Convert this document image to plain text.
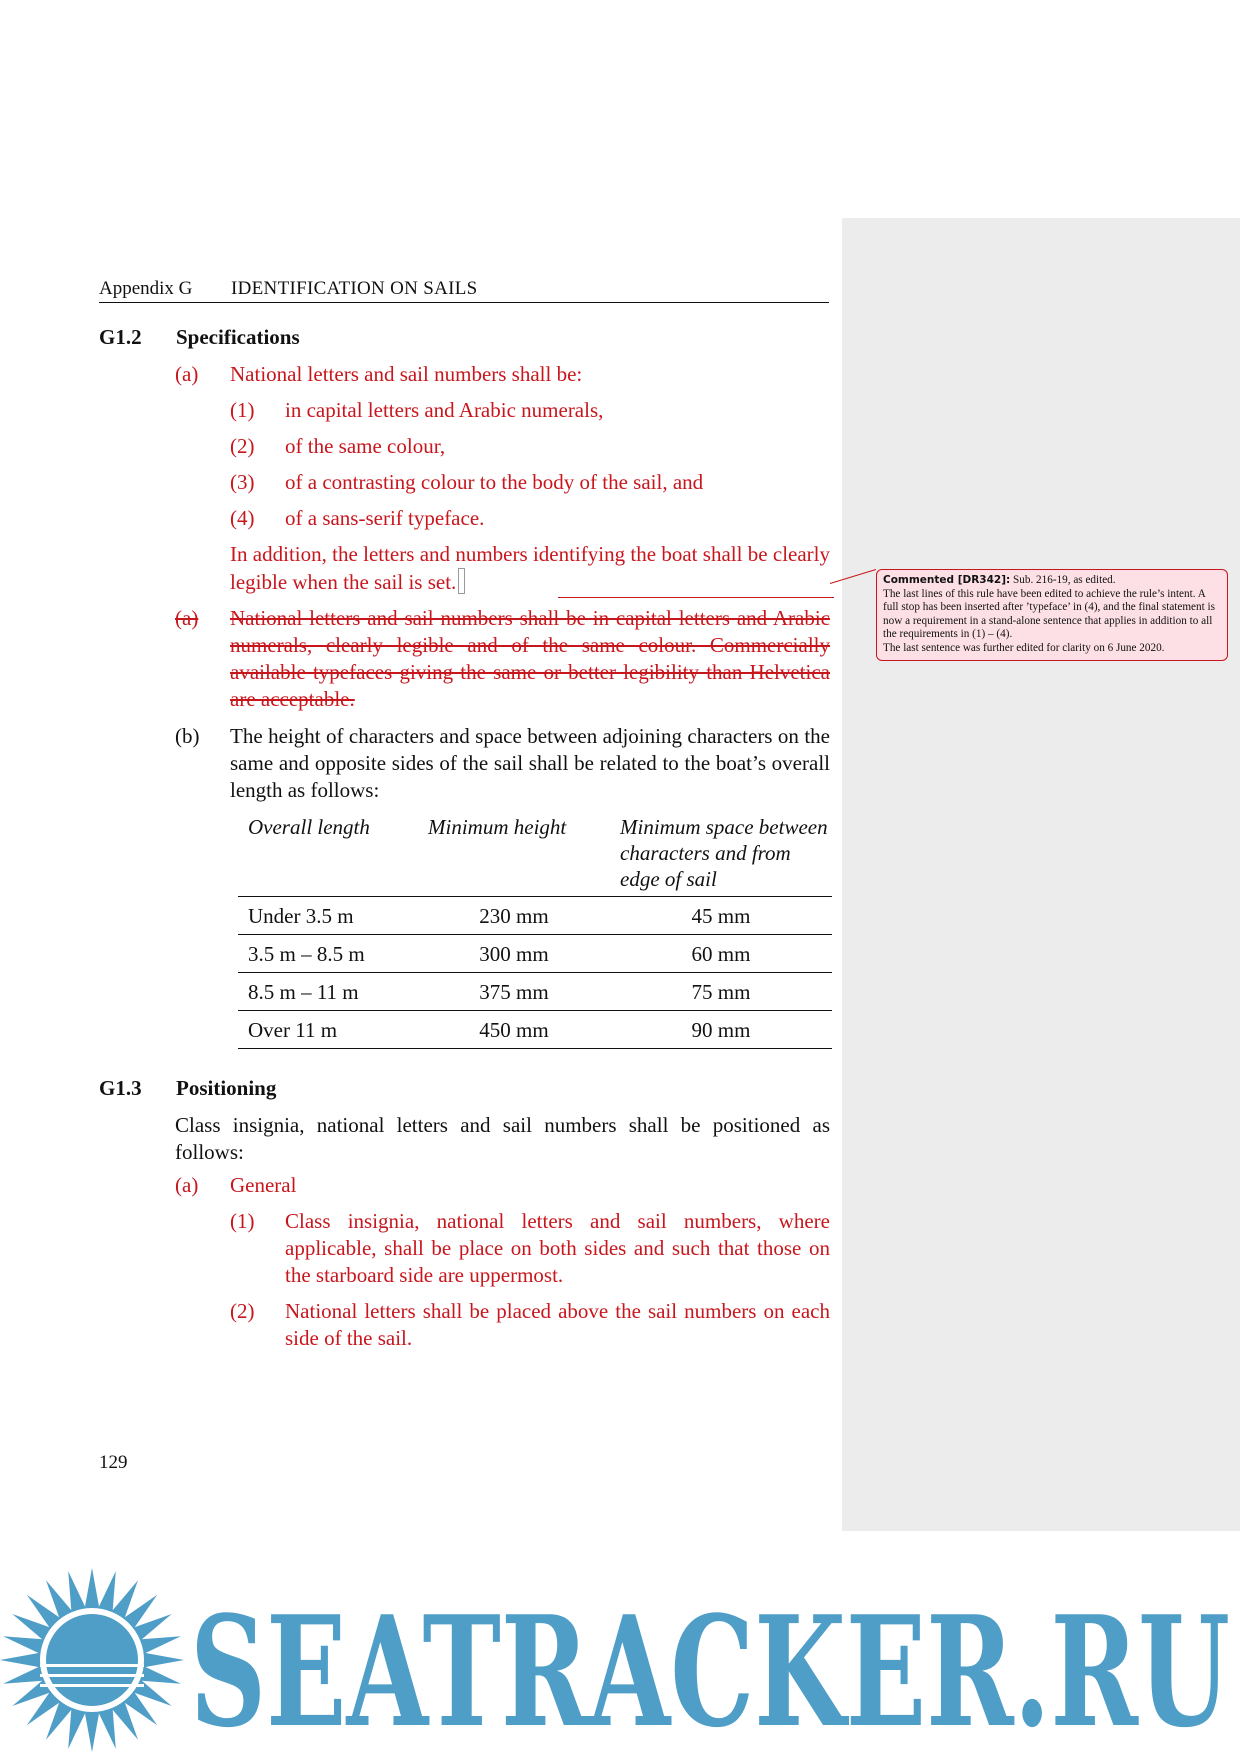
Appendix G IDENTIFICATION ON SAILS
G1.2 Specifications
(a) National letters and sail numbers shall be:
(1) in capital letters and Arabic numerals,
(2) of the same colour,
(3) of a contrasting colour to the body of the sail, and
(4) of a sans-serif typeface.
In addition, the letters and numbers identifying the boat shall be clearly legible when the sail is set.
(a) National letters and sail numbers shall be in capital letters and Arabic numerals, clearly legible and of the same colour. Commercially available typefaces giving the same or better legibility than Helvetica are acceptable.
(b) The height of characters and space between adjoining characters on the same and opposite sides of the sail shall be related to the boat’s overall length as follows:
Overall length	Minimum height	Minimum space between characters and from edge of sail
Under 3.5 m	230 mm	45 mm
3.5 m – 8.5 m	300 mm	60 mm
8.5 m – 11 m	375 mm	75 mm
Over 11 m	450 mm	90 mm
G1.3 Positioning
Class insignia, national letters and sail numbers shall be positioned as follows:
(a) General
(1) Class insignia, national letters and sail numbers, where applicable, shall be place on both sides and such that those on the starboard side are uppermost.
(2) National letters shall be placed above the sail numbers on each side of the sail.
129
Commented [DR342]: Sub. 216-19, as edited.
The last lines of this rule have been edited to achieve the rule’s intent. A full stop has been inserted after ’typeface’ in (4), and the final statement is now a requirement in a stand-alone sentence that applies in addition to all the requirements in (1) – (4).
The last sentence was further edited for clarity on 6 June 2020.
SEATRACKER.RU
